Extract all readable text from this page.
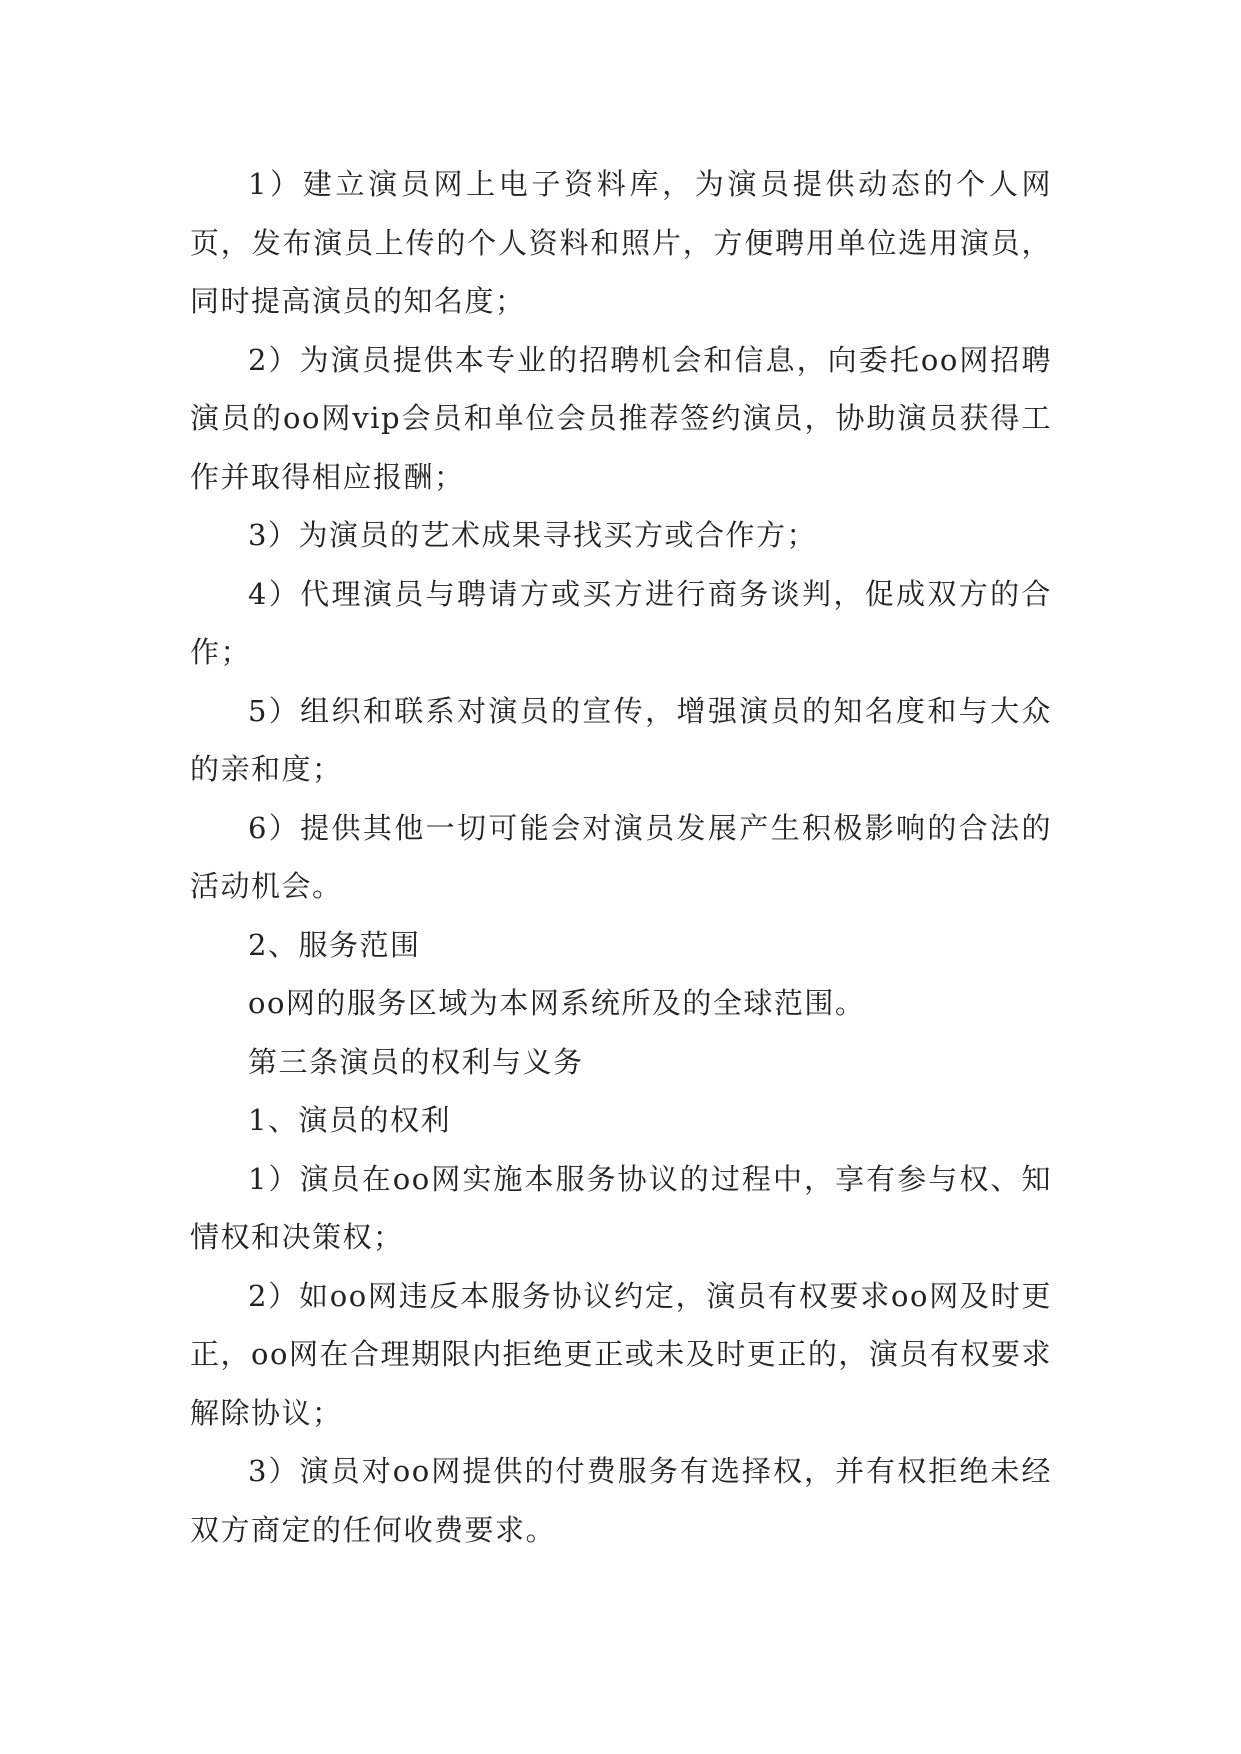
1）建立演员网上电子资料库，为演员提供动态的个人网页，发布演员上传的个人资料和照片，方便聘用单位选用演员，同时提高演员的知名度；

2）为演员提供本专业的招聘机会和信息，向委托oo网招聘演员的oo网vip会员和单位会员推荐签约演员，协助演员获得工作并取得相应报酬；

3）为演员的艺术成果寻找买方或合作方；

4）代理演员与聘请方或买方进行商务谈判，促成双方的合作；

5）组织和联系对演员的宣传，增强演员的知名度和与大众的亲和度；

6）提供其他一切可能会对演员发展产生积极影响的合法的活动机会。

2、服务范围

oo网的服务区域为本网系统所及的全球范围。

第三条演员的权利与义务

1、演员的权利

1）演员在oo网实施本服务协议的过程中，享有参与权、知情权和决策权；

2）如oo网违反本服务协议约定，演员有权要求oo网及时更正，oo网在合理期限内拒绝更正或未及时更正的，演员有权要求解除协议；

3）演员对oo网提供的付费服务有选择权，并有权拒绝未经双方商定的任何收费要求。
